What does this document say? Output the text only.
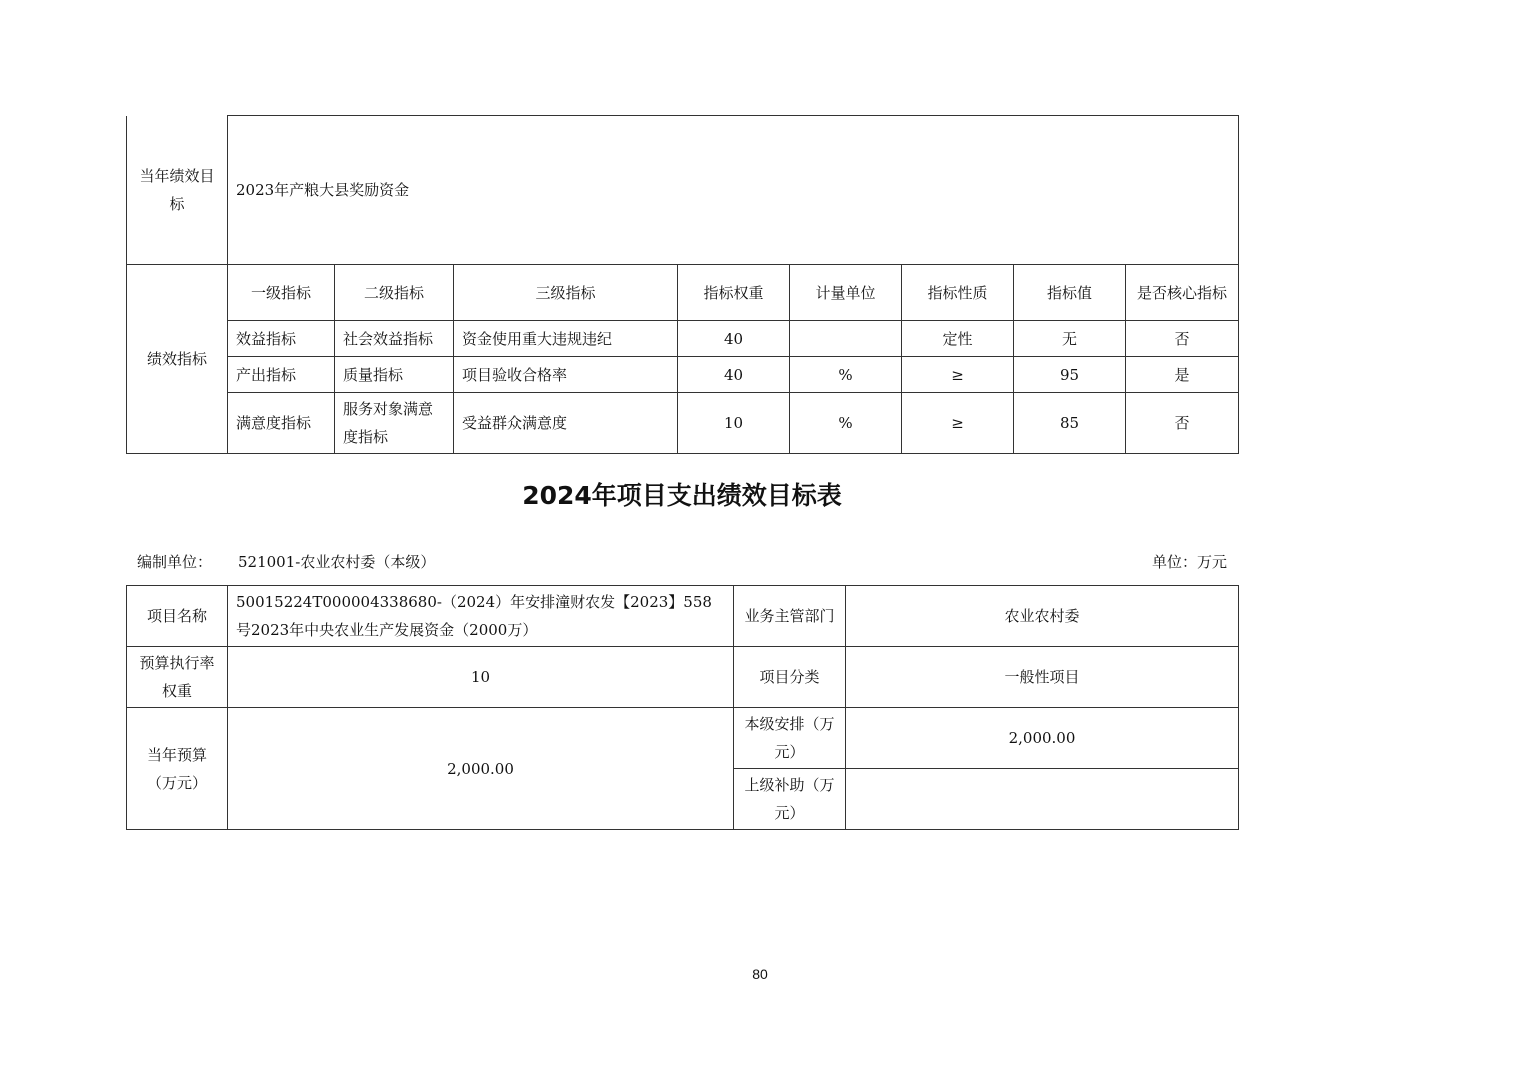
当年绩效目标	2023年产粮大县奖励资金							
绩效指标	一级指标	二级指标	三级指标	指标权重	计量单位	指标性质	指标值	是否核心指标
	效益指标	社会效益指标	资金使用重大违规违纪	40		定性	无	否
	产出指标	质量指标	项目验收合格率	40	%	≥	95	是
	满意度指标	服务对象满意度指标	受益群众满意度	10	%	≥	85	否
2024年项目支出绩效目标表
编制单位： 521001-农业农村委（本级）	单位：万元
项目名称	50015224T000004338680-（2024）年安排潼财农发【2023】558号2023年中央农业生产发展资金（2000万）	业务主管部门	农业农村委
预算执行率权重	10	项目分类	一般性项目
当年预算（万元）	2,000.00	本级安排（万元）	2,000.00
		上级补助（万元）	
80
